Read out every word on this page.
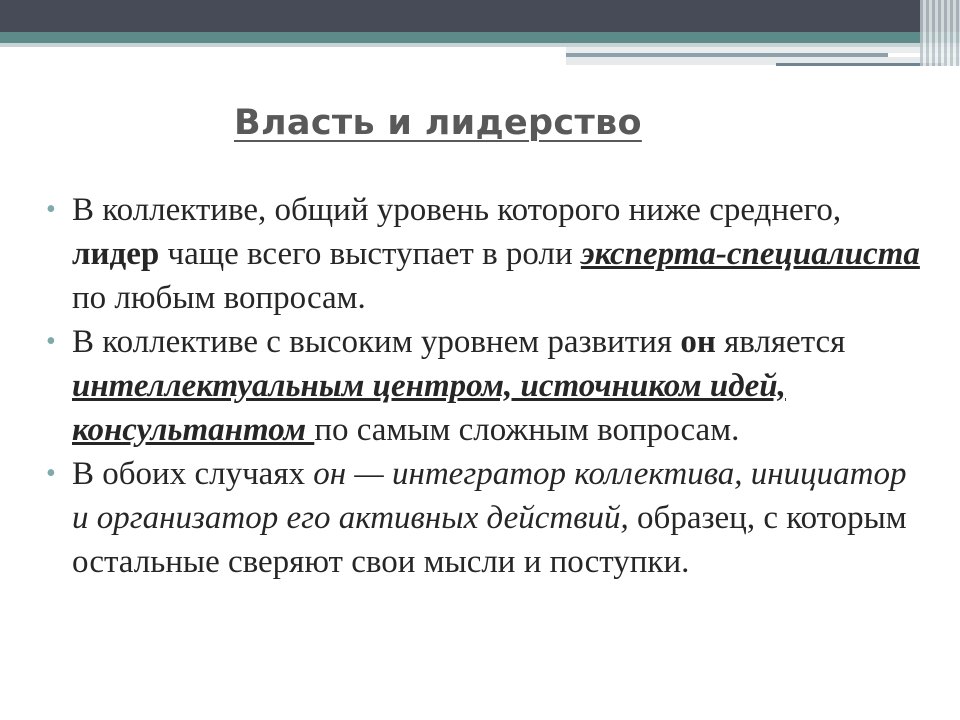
Власть и лидерство
• В коллективе, общий уровень которого ниже среднего, лидер чаще всего выступает в роли эксперта-специалиста по любым вопросам.
• В коллективе с высоким уровнем развития он является интеллектуальным центром, источником идей, консультантом по самым сложным вопросам.
• В обоих случаях он — интегратор коллектива, инициатор и организатор его активных действий, образец, с которым остальные сверяют свои мысли и поступки.
